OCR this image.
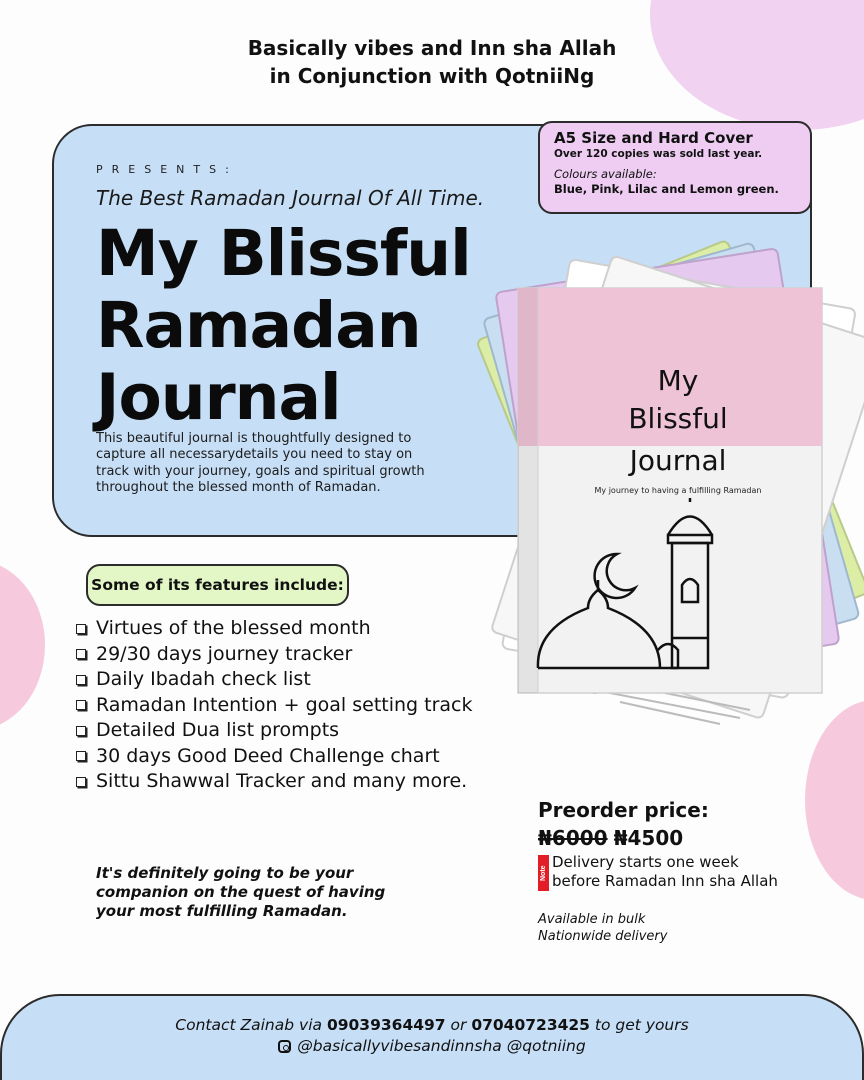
Basically vibes and Inn sha Allah
in Conjunction with QotniiNg
PRESENTS:
The Best Ramadan Journal Of All Time.
My Blissful
Ramadan
Journal
This beautiful journal is thoughtfully designed to capture all necessarydetails you need to stay on track with your journey, goals and spiritual growth throughout the blessed month of Ramadan.
My
Blissful
Journal
My journey to having a fulfilling Ramadan
A5 Size and Hard Cover
Over 120 copies was sold last year.
Colours available:
Blue, Pink, Lilac and Lemon green.
Some of its features include:
Virtues of the blessed month
29/30 days journey tracker
Daily Ibadah check list
Ramadan Intention + goal setting track
Detailed Dua list prompts
30 days Good Deed Challenge chart
Sittu Shawwal Tracker and many more.
It's definitely going to be your companion on the quest of having your most fulfilling Ramadan.
Preorder price:
₦6000 ₦4500
Note
Delivery starts one week
before Ramadan Inn sha Allah
Available in bulk
Nationwide delivery
Contact Zainab via 09039364497 or 07040723425 to get yours
@basicallyvibesandinnsha @qotniing
